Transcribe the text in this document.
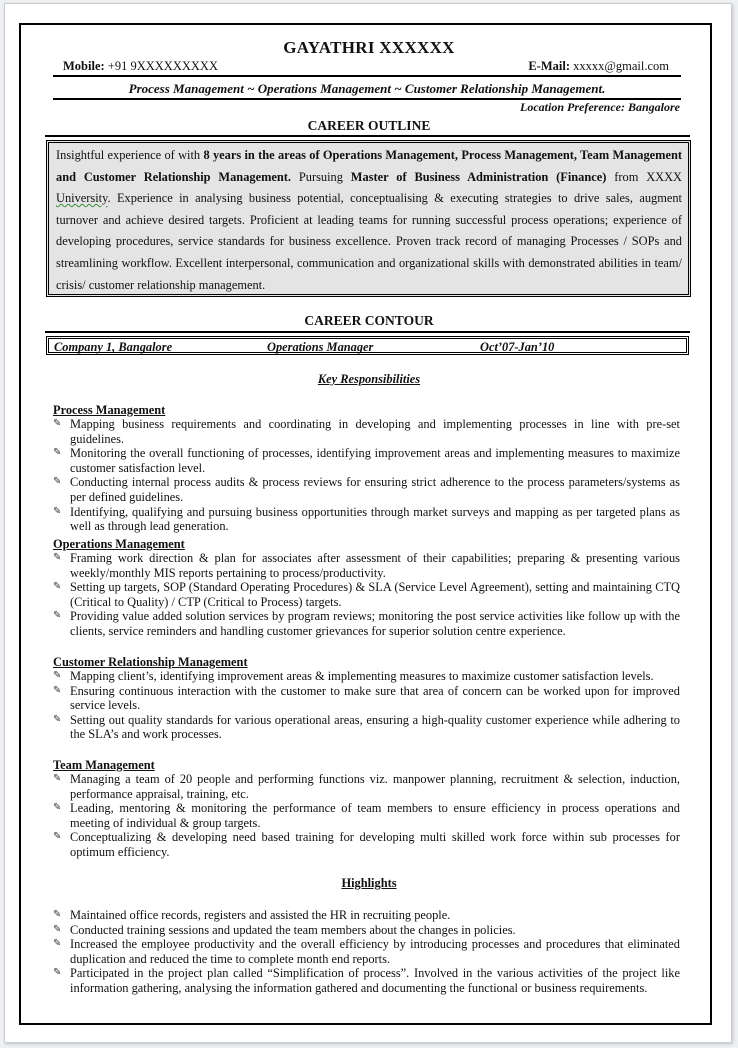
GAYATHRI XXXXXX
Mobile: +91 9XXXXXXXXX	E-Mail: xxxxx@gmail.com
Process Management ~ Operations Management ~ Customer Relationship Management.
Location Preference: Bangalore
CAREER OUTLINE
Insightful experience of with 8 years in the areas of Operations Management, Process Management, Team Management and Customer Relationship Management. Pursuing Master of Business Administration (Finance) from XXXX University. Experience in analysing business potential, conceptualising & executing strategies to drive sales, augment turnover and achieve desired targets. Proficient at leading teams for running successful process operations; experience of developing procedures, service standards for business excellence. Proven track record of managing Processes / SOPs and streamlining workflow. Excellent interpersonal, communication and organizational skills with demonstrated abilities in team/ crisis/ customer relationship management.
CAREER CONTOUR
Company 1, Bangalore	Operations Manager	Oct’07-Jan’10
Key Responsibilities
Process Management
✎ Mapping business requirements and coordinating in developing and implementing processes in line with pre-set guidelines.
✎ Monitoring the overall functioning of processes, identifying improvement areas and implementing measures to maximize customer satisfaction level.
✎ Conducting internal process audits & process reviews for ensuring strict adherence to the process parameters/systems as per defined guidelines.
✎ Identifying, qualifying and pursuing business opportunities through market surveys and mapping as per targeted plans as well as through lead generation.
Operations Management
✎ Framing work direction & plan for associates after assessment of their capabilities; preparing & presenting various weekly/monthly MIS reports pertaining to process/productivity.
✎ Setting up targets, SOP (Standard Operating Procedures) & SLA (Service Level Agreement), setting and maintaining CTQ (Critical to Quality) / CTP (Critical to Process) targets.
✎ Providing value added solution services by program reviews; monitoring the post service activities like follow up with the clients, service reminders and handling customer grievances for superior solution centre experience.
Customer Relationship Management
✎ Mapping client’s, identifying improvement areas & implementing measures to maximize customer satisfaction levels.
✎ Ensuring continuous interaction with the customer to make sure that area of concern can be worked upon for improved service levels.
✎ Setting out quality standards for various operational areas, ensuring a high-quality customer experience while adhering to the SLA’s and work processes.
Team Management
✎ Managing a team of 20 people and performing functions viz. manpower planning, recruitment & selection, induction, performance appraisal, training, etc.
✎ Leading, mentoring & monitoring the performance of team members to ensure efficiency in process operations and meeting of individual & group targets.
✎ Conceptualizing & developing need based training for developing multi skilled work force within sub processes for optimum efficiency.
Highlights
✎ Maintained office records, registers and assisted the HR in recruiting people.
✎ Conducted training sessions and updated the team members about the changes in policies.
✎ Increased the employee productivity and the overall efficiency by introducing processes and procedures that eliminated duplication and reduced the time to complete month end reports.
✎ Participated in the project plan called “Simplification of process”. Involved in the various activities of the project like information gathering, analysing the information gathered and documenting the functional or business requirements.
